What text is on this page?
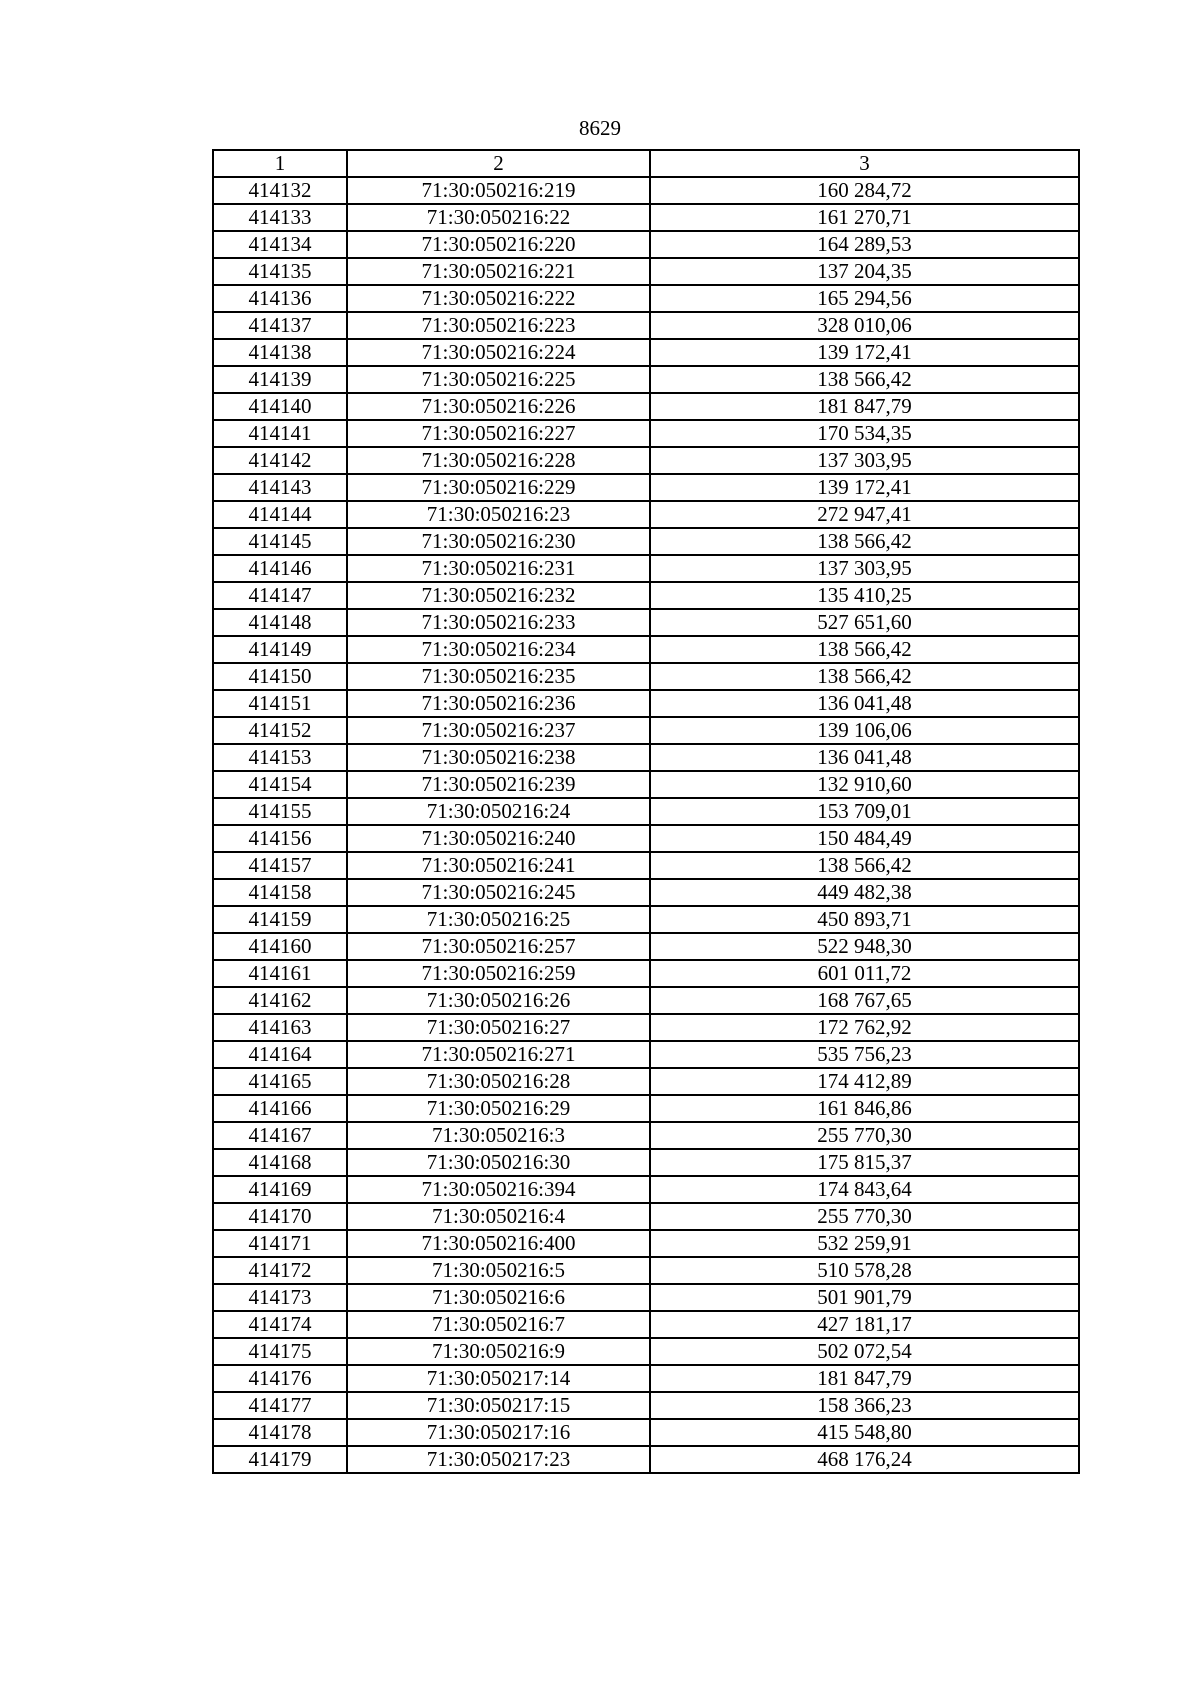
8629
1	2	3
414132	71:30:050216:219	160 284,72
414133	71:30:050216:22	161 270,71
414134	71:30:050216:220	164 289,53
414135	71:30:050216:221	137 204,35
414136	71:30:050216:222	165 294,56
414137	71:30:050216:223	328 010,06
414138	71:30:050216:224	139 172,41
414139	71:30:050216:225	138 566,42
414140	71:30:050216:226	181 847,79
414141	71:30:050216:227	170 534,35
414142	71:30:050216:228	137 303,95
414143	71:30:050216:229	139 172,41
414144	71:30:050216:23	272 947,41
414145	71:30:050216:230	138 566,42
414146	71:30:050216:231	137 303,95
414147	71:30:050216:232	135 410,25
414148	71:30:050216:233	527 651,60
414149	71:30:050216:234	138 566,42
414150	71:30:050216:235	138 566,42
414151	71:30:050216:236	136 041,48
414152	71:30:050216:237	139 106,06
414153	71:30:050216:238	136 041,48
414154	71:30:050216:239	132 910,60
414155	71:30:050216:24	153 709,01
414156	71:30:050216:240	150 484,49
414157	71:30:050216:241	138 566,42
414158	71:30:050216:245	449 482,38
414159	71:30:050216:25	450 893,71
414160	71:30:050216:257	522 948,30
414161	71:30:050216:259	601 011,72
414162	71:30:050216:26	168 767,65
414163	71:30:050216:27	172 762,92
414164	71:30:050216:271	535 756,23
414165	71:30:050216:28	174 412,89
414166	71:30:050216:29	161 846,86
414167	71:30:050216:3	255 770,30
414168	71:30:050216:30	175 815,37
414169	71:30:050216:394	174 843,64
414170	71:30:050216:4	255 770,30
414171	71:30:050216:400	532 259,91
414172	71:30:050216:5	510 578,28
414173	71:30:050216:6	501 901,79
414174	71:30:050216:7	427 181,17
414175	71:30:050216:9	502 072,54
414176	71:30:050217:14	181 847,79
414177	71:30:050217:15	158 366,23
414178	71:30:050217:16	415 548,80
414179	71:30:050217:23	468 176,24
